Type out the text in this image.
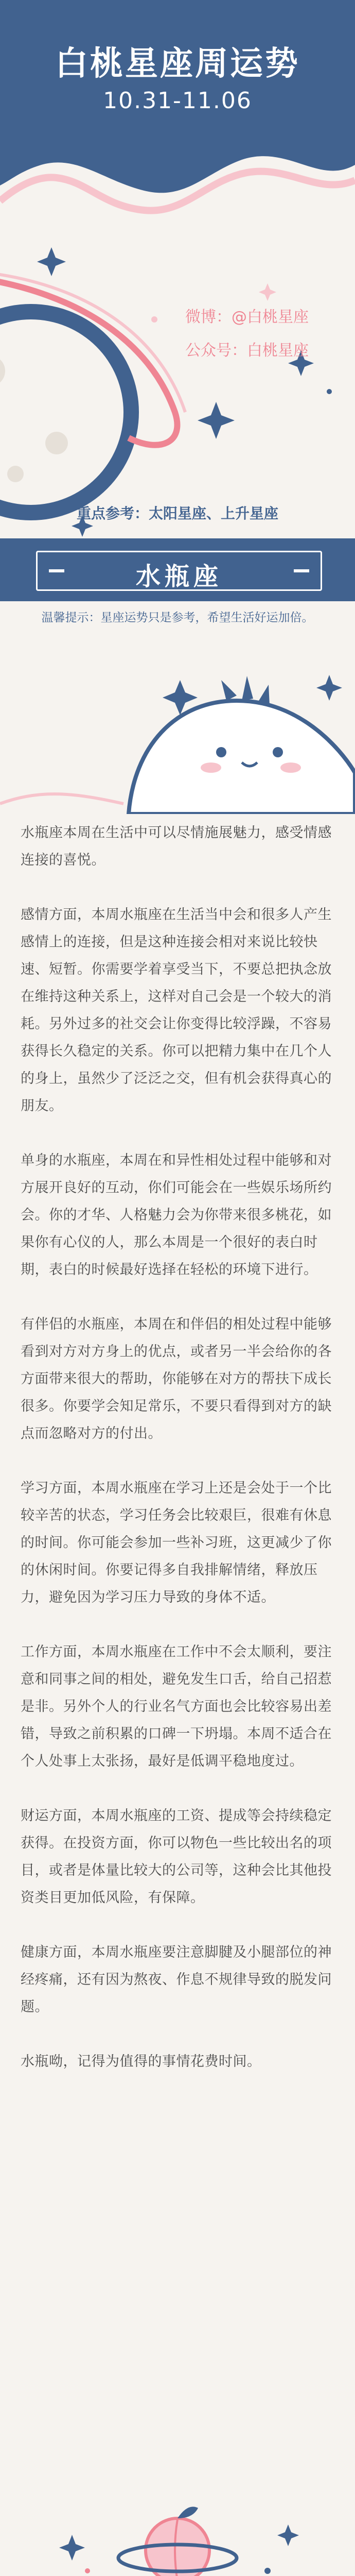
白桃星座周运势
10.31-11.06
微博：@白桃星座
公众号：白桃星座
重点参考：太阳星座、上升星座
水瓶座
温馨提示：星座运势只是参考，希望生活好运加倍。

水瓶座本周在生活中可以尽情施展魅力，感受情感连接的喜悦。

感情方面，本周水瓶座在生活当中会和很多人产生感情上的连接，但是这种连接会相对来说比较快速、短暂。你需要学着享受当下，不要总把执念放在维持这种关系上，这样对自己会是一个较大的消耗。另外过多的社交会让你变得比较浮躁，不容易获得长久稳定的关系。你可以把精力集中在几个人的身上，虽然少了泛泛之交，但有机会获得真心的朋友。

单身的水瓶座，本周在和异性相处过程中能够和对方展开良好的互动，你们可能会在一些娱乐场所约会。你的才华、人格魅力会为你带来很多桃花，如果你有心仪的人，那么本周是一个很好的表白时期，表白的时候最好选择在轻松的环境下进行。

有伴侣的水瓶座，本周在和伴侣的相处过程中能够看到对方对方身上的优点，或者另一半会给你的各方面带来很大的帮助，你能够在对方的帮扶下成长很多。你要学会知足常乐，不要只看得到对方的缺点而忽略对方的付出。

学习方面，本周水瓶座在学习上还是会处于一个比较辛苦的状态，学习任务会比较艰巨，很难有休息的时间。你可能会参加一些补习班，这更减少了你的休闲时间。你要记得多自我排解情绪，释放压力，避免因为学习压力导致的身体不适。

工作方面，本周水瓶座在工作中不会太顺利，要注意和同事之间的相处，避免发生口舌，给自己招惹是非。另外个人的行业名气方面也会比较容易出差错，导致之前积累的口碑一下坍塌。本周不适合在个人处事上太张扬，最好是低调平稳地度过。

财运方面，本周水瓶座的工资、提成等会持续稳定获得。在投资方面，你可以物色一些比较出名的项目，或者是体量比较大的公司等，这种会比其他投资类目更加低风险，有保障。

健康方面，本周水瓶座要注意脚腱及小腿部位的神经疼痛，还有因为熬夜、作息不规律导致的脱发问题。

水瓶呦，记得为值得的事情花费时间。
